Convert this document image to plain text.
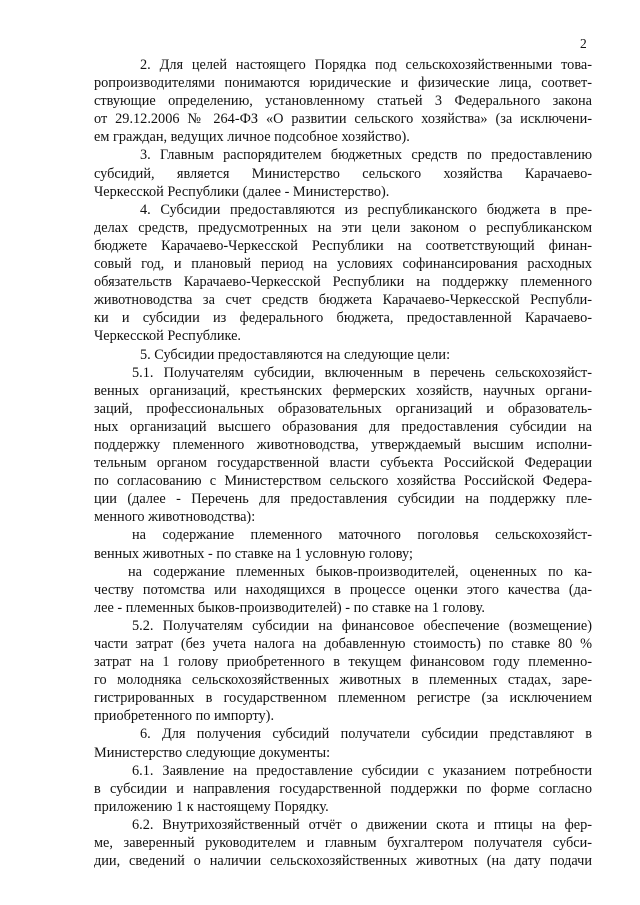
2
2. Для целей настоящего Порядка под сельскохозяйственными това-
ропроизводителями понимаются юридические и физические лица, соответ-
ствующие определению, установленному статьей 3 Федерального закона
от 29.12.2006 № 264-ФЗ «О развитии сельского хозяйства» (за исключени-
ем граждан, ведущих личное подсобное хозяйство).
3. Главным распорядителем бюджетных средств по предоставлению
субсидий, является Министерство сельского хозяйства Карачаево-
Черкесской Республики (далее - Министерство).
4. Субсидии предоставляются из республиканского бюджета в пре-
делах средств, предусмотренных на эти цели законом о республиканском
бюджете Карачаево-Черкесской Республики на соответствующий финан-
совый год, и плановый период на условиях софинансирования расходных
обязательств Карачаево-Черкесской Республики на поддержку племенного
животноводства за счет средств бюджета Карачаево-Черкесской Республи-
ки и субсидии из федерального бюджета, предоставленной Карачаево-
Черкесской Республике.
5. Субсидии предоставляются на следующие цели:
5.1. Получателям субсидии, включенным в перечень сельскохозяйст-
венных организаций, крестьянских фермерских хозяйств, научных органи-
заций, профессиональных образовательных организаций и образователь-
ных организаций высшего образования для предоставления субсидии на
поддержку племенного животноводства, утверждаемый высшим исполни-
тельным органом государственной власти субъекта Российской Федерации
по согласованию с Министерством сельского хозяйства Российской Федера-
ции (далее - Перечень для предоставления субсидии на поддержку пле-
менного животноводства):
на содержание племенного маточного поголовья сельскохозяйст-
венных животных - по ставке на 1 условную голову;
на содержание племенных быков-производителей, оцененных по ка-
честву потомства или находящихся в процессе оценки этого качества (да-
лее - племенных быков-производителей) - по ставке на 1 голову.
5.2. Получателям субсидии на финансовое обеспечение (возмещение)
части затрат (без учета налога на добавленную стоимость) по ставке 80 %
затрат на 1 голову приобретенного в текущем финансовом году племенно-
го молодняка сельскохозяйственных животных в племенных стадах, заре-
гистрированных в государственном племенном регистре (за исключением
приобретенного по импорту).
6. Для получения субсидий получатели субсидии представляют в
Министерство следующие документы:
6.1. Заявление на предоставление субсидии с указанием потребности
в субсидии и направления государственной поддержки по форме согласно
приложению 1 к настоящему Порядку.
6.2. Внутрихозяйственный отчёт о движении скота и птицы на фер-
ме, заверенный руководителем и главным бухгалтером получателя субси-
дии, сведений о наличии сельскохозяйственных животных (на дату подачи
